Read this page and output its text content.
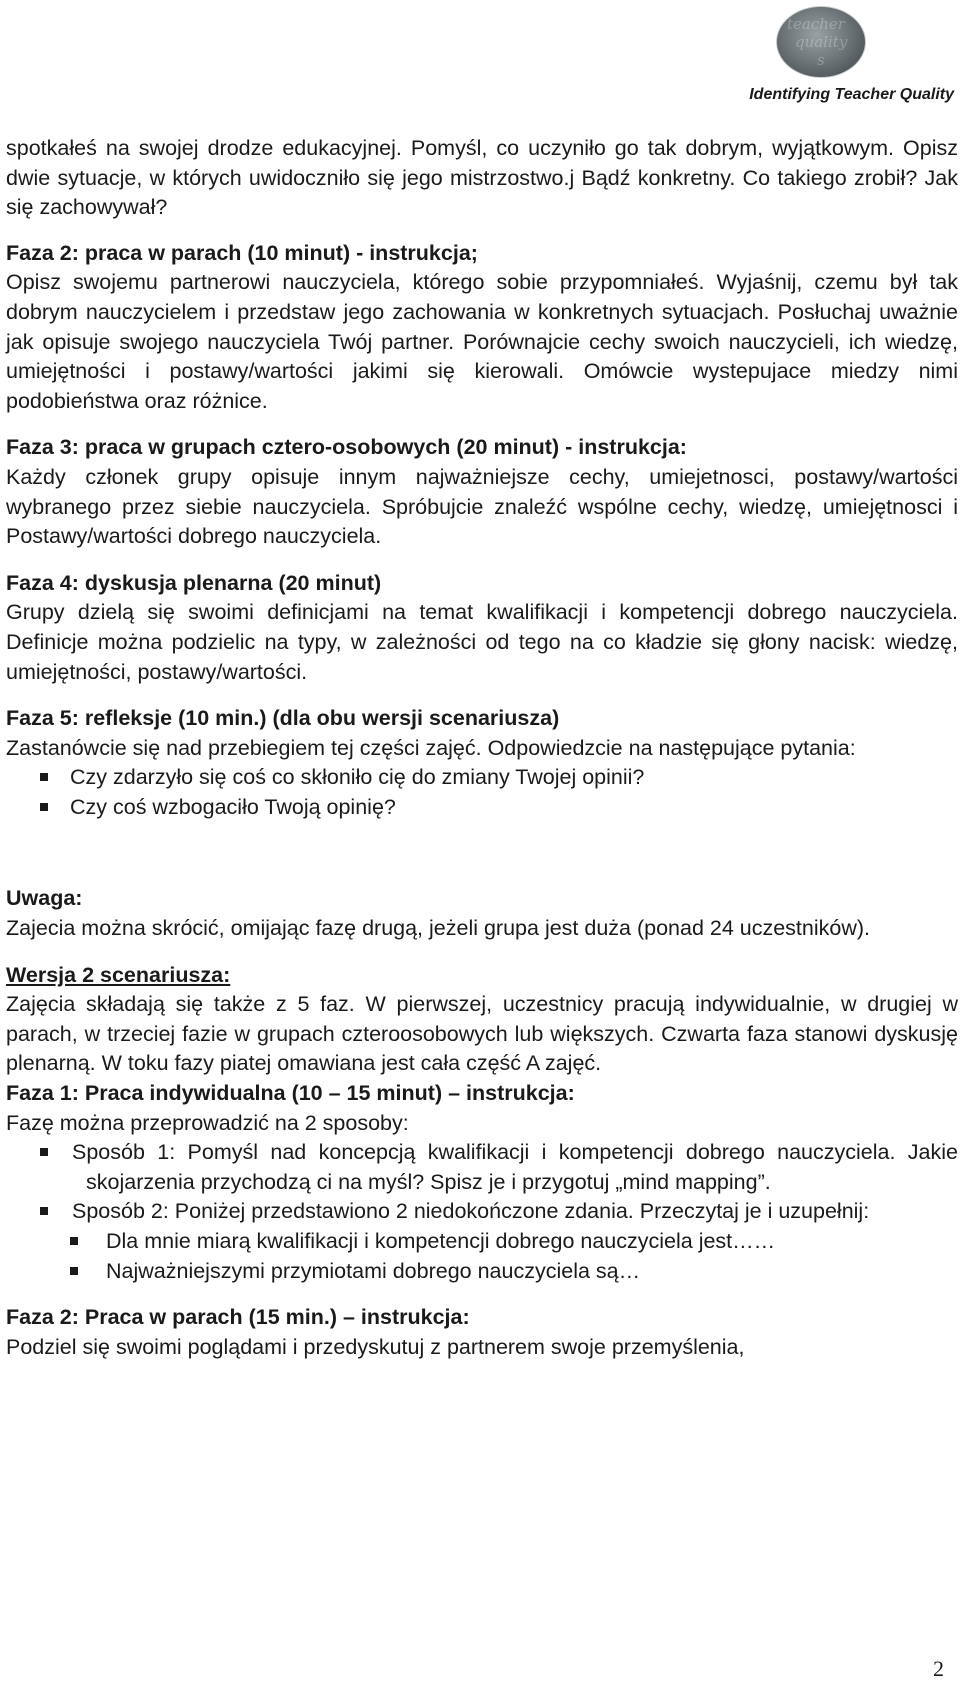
teacher
quality
s
Identifying Teacher Quality

spotkałeś na swojej drodze edukacyjnej. Pomyśl, co uczyniło go tak dobrym, wyjątkowym. Opisz dwie sytuacje, w których uwidoczniło się jego mistrzostwo.j Bądź konkretny. Co takiego zrobił? Jak się zachowywał?

Faza 2: praca w parach (10 minut) - instrukcja;

Opisz swojemu partnerowi nauczyciela, którego sobie przypomniałeś. Wyjaśnij, czemu był tak dobrym nauczycielem i przedstaw jego zachowania w konkretnych sytuacjach. Posłuchaj uważnie jak opisuje swojego nauczyciela Twój partner. Porównajcie cechy swoich nauczycieli, ich wiedzę, umiejętności i postawy/wartości jakimi się kierowali. Omówcie wystepujace miedzy nimi podobieństwa oraz różnice.

Faza 3: praca w grupach cztero-osobowych (20 minut) - instrukcja:

Każdy członek grupy opisuje innym najważniejsze cechy, umiejetnosci, postawy/wartości wybranego przez siebie nauczyciela. Spróbujcie znaleźć wspólne cechy, wiedzę, umiejętnosci i Postawy/wartości dobrego nauczyciela.

Faza 4: dyskusja plenarna (20 minut)

Grupy dzielą się swoimi definicjami na temat kwalifikacji i kompetencji dobrego nauczyciela. Definicje można podzielic na typy, w zależności od tego na co kładzie się głony nacisk: wiedzę, umiejętności, postawy/wartości.

Faza 5: refleksje (10 min.) (dla obu wersji scenariusza)

Zastanówcie się nad przebiegiem tej części zajęć. Odpowiedzcie na następujące pytania:

Czy zdarzyło się coś co skłoniło cię do zmiany Twojej opinii?
Czy coś wzbogaciło Twoją opinię?
Uwaga:

Zajecia można skrócić, omijając fazę drugą, jeżeli grupa jest duża (ponad 24 uczestników).

Wersja 2 scenariusza:

Zajęcia składają się także z 5 faz. W pierwszej, uczestnicy pracują indywidualnie, w drugiej w parach, w trzeciej fazie w grupach czteroosobowych lub większych. Czwarta faza stanowi dyskusję plenarną. W toku fazy piatej omawiana jest cała część A zajęć.

Faza 1: Praca indywidualna (10 – 15 minut) – instrukcja:

Fazę można przeprowadzić na 2 sposoby:

Sposób 1: Pomyśl nad koncepcją kwalifikacji i kompetencji dobrego nauczyciela. Jakie skojarzenia przychodzą ci na myśl? Spisz je i przygotuj „mind mapping”.
Sposób 2: Poniżej przedstawiono 2 niedokończone zdania. Przeczytaj je i uzupełnij:
Dla mnie miarą kwalifikacji i kompetencji dobrego nauczyciela jest……
Najważniejszymi przymiotami dobrego nauczyciela są…
Faza 2: Praca w parach (15 min.) – instrukcja:

Podziel się swoimi poglądami i przedyskutuj z partnerem swoje przemyślenia,

2
